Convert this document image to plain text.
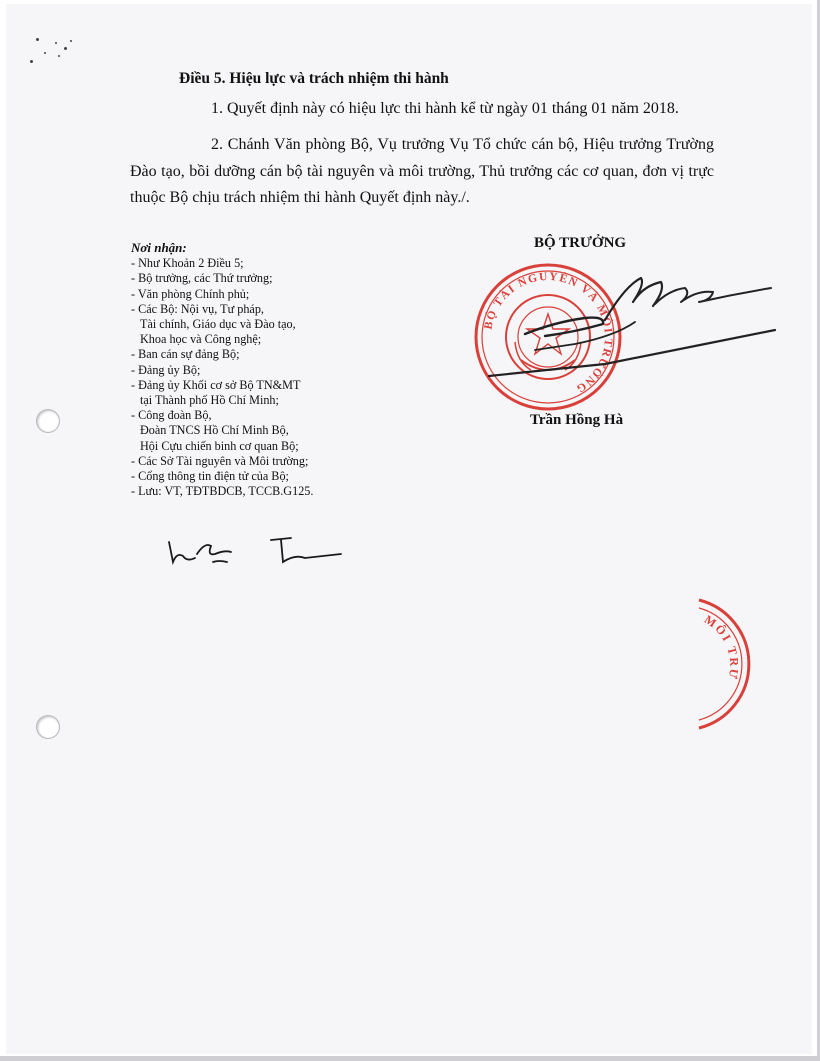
Điều 5. Hiệu lực và trách nhiệm thi hành
1. Quyết định này có hiệu lực thi hành kể từ ngày 01 tháng 01 năm 2018.
2. Chánh Văn phòng Bộ, Vụ trưởng Vụ Tổ chức cán bộ, Hiệu trưởng Trường Đào tạo, bồi dưỡng cán bộ tài nguyên và môi trường, Thủ trưởng các cơ quan, đơn vị trực thuộc Bộ chịu trách nhiệm thi hành Quyết định này./.
Nơi nhận:
- Như Khoản 2 Điều 5;
- Bộ trưởng, các Thứ trưởng;
- Văn phòng Chính phủ;
- Các Bộ: Nội vụ, Tư pháp,
Tài chính, Giáo dục và Đào tạo,
Khoa học và Công nghệ;
- Ban cán sự đảng Bộ;
- Đảng ủy Bộ;
- Đảng ủy Khối cơ sở Bộ TN&MT
tại Thành phố Hồ Chí Minh;
- Công đoàn Bộ,
Đoàn TNCS Hồ Chí Minh Bộ,
Hội Cựu chiến binh cơ quan Bộ;
- Các Sở Tài nguyên và Môi trường;
- Cổng thông tin điện tử của Bộ;
- Lưu: VT, TĐTBDCB, TCCB.G125.
BỘ TRƯỞNG
BỘ TÀI NGUYÊN VÀ MÔI TRƯỜNG
Trần Hồng Hà
MÔI TRƯ
